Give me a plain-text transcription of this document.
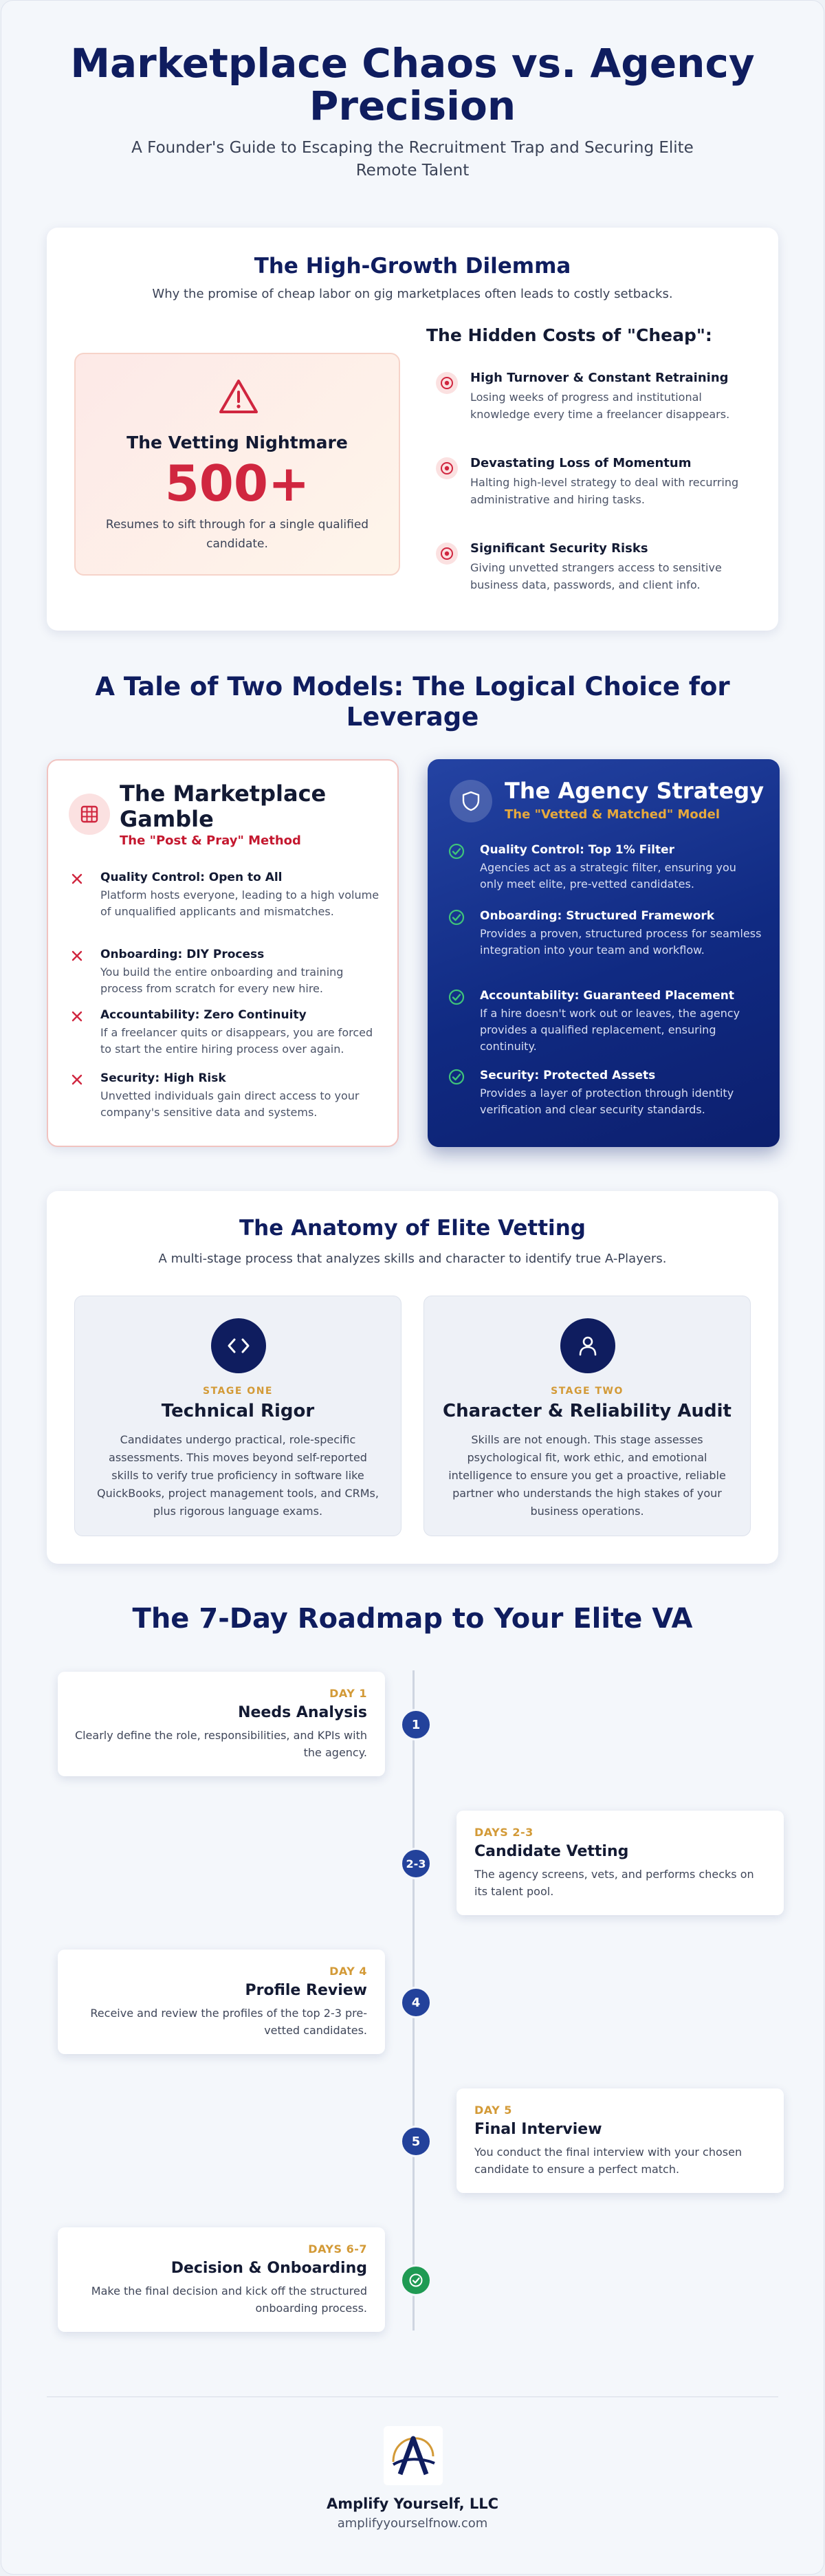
Marketplace Chaos vs. Agency Precision
A Founder's Guide to Escaping the Recruitment Trap and Securing Elite Remote Talent
The High-Growth Dilemma
Why the promise of cheap labor on gig marketplaces often leads to costly setbacks.
The Vetting Nightmare
500+
Resumes to sift through for a single qualified candidate.
The Hidden Costs of "Cheap":
High Turnover & Constant Retraining
Losing weeks of progress and institutional knowledge every time a freelancer disappears.
Devastating Loss of Momentum
Halting high-level strategy to deal with recurring administrative and hiring tasks.
Significant Security Risks
Giving unvetted strangers access to sensitive business data, passwords, and client info.
A Tale of Two Models: The Logical Choice for Leverage
The Marketplace Gamble
The "Post & Pray" Method
Quality Control: Open to All
Platform hosts everyone, leading to a high volume of unqualified applicants and mismatches.
Onboarding: DIY Process
You build the entire onboarding and training process from scratch for every new hire.
Accountability: Zero Continuity
If a freelancer quits or disappears, you are forced to start the entire hiring process over again.
Security: High Risk
Unvetted individuals gain direct access to your company's sensitive data and systems.
The Agency Strategy
The "Vetted & Matched" Model
Quality Control: Top 1% Filter
Agencies act as a strategic filter, ensuring you only meet elite, pre-vetted candidates.
Onboarding: Structured Framework
Provides a proven, structured process for seamless integration into your team and workflow.
Accountability: Guaranteed Placement
If a hire doesn't work out or leaves, the agency provides a qualified replacement, ensuring continuity.
Security: Protected Assets
Provides a layer of protection through identity verification and clear security standards.
The Anatomy of Elite Vetting
A multi-stage process that analyzes skills and character to identify true A-Players.
STAGE ONE
Technical Rigor
Candidates undergo practical, role-specific assessments. This moves beyond self-reported skills to verify true proficiency in software like QuickBooks, project management tools, and CRMs, plus rigorous language exams.
STAGE TWO
Character & Reliability Audit
Skills are not enough. This stage assesses psychological fit, work ethic, and emotional intelligence to ensure you get a proactive, reliable partner who understands the high stakes of your business operations.
The 7-Day Roadmap to Your Elite VA
DAY 1
Needs Analysis
Clearly define the role, responsibilities, and KPIs with the agency.
1
DAYS 2-3
Candidate Vetting
The agency screens, vets, and performs checks on its talent pool.
2-3
DAY 4
Profile Review
Receive and review the profiles of the top 2-3 pre-vetted candidates.
4
DAY 5
Final Interview
You conduct the final interview with your chosen candidate to ensure a perfect match.
5
DAYS 6-7
Decision & Onboarding
Make the final decision and kick off the structured onboarding process.
Amplify Yourself, LLC
amplifyyourselfnow.com
